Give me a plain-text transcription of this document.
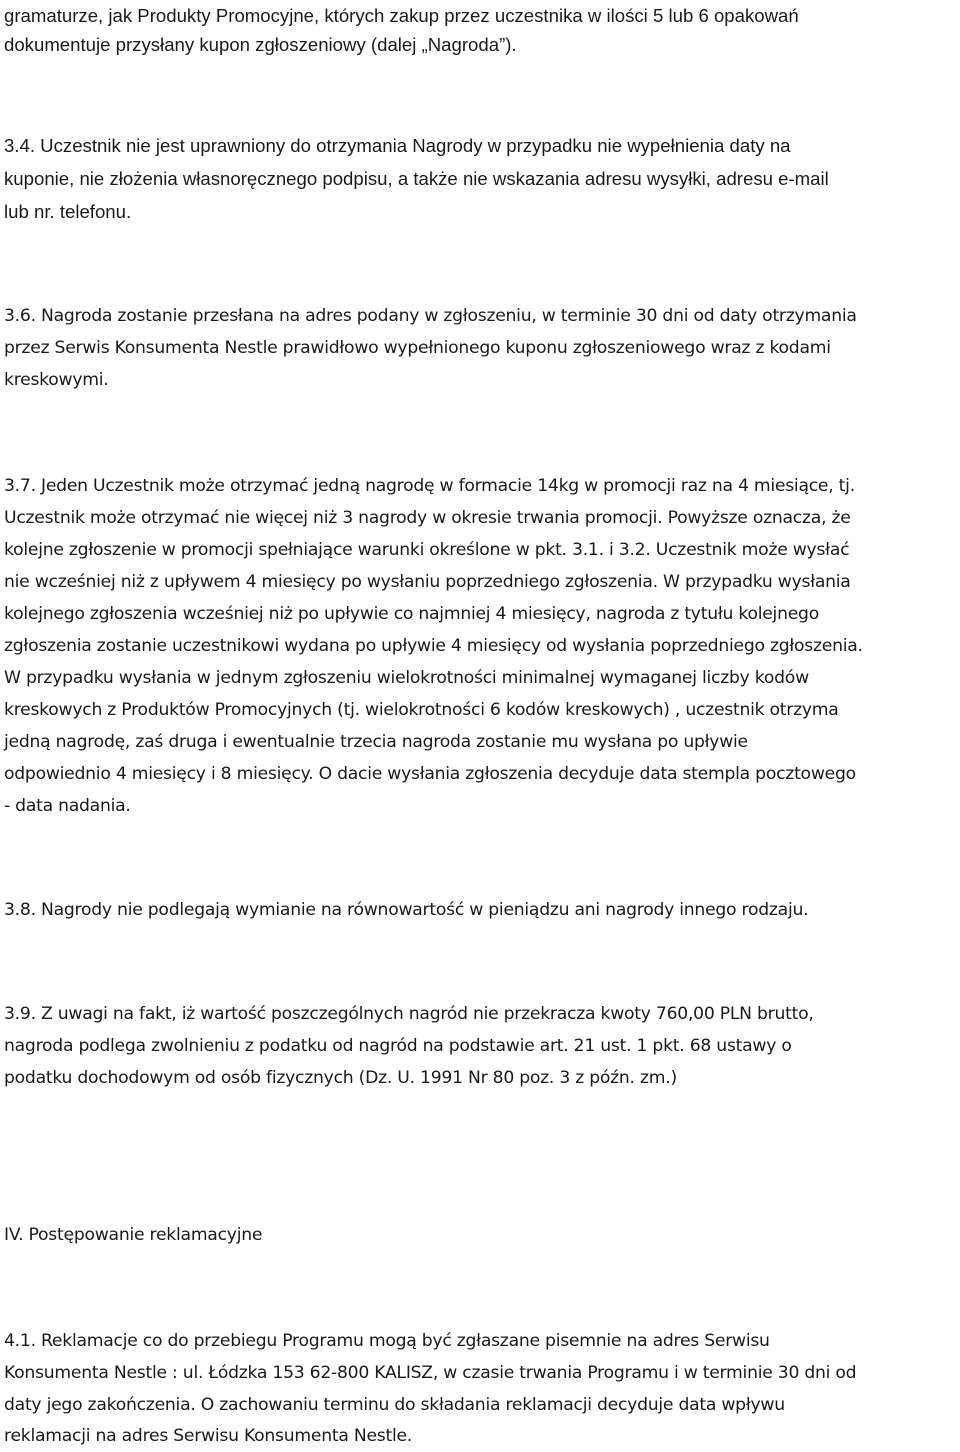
gramaturze, jak Produkty Promocyjne, których zakup przez uczestnika w ilości 5 lub 6 opakowań
dokumentuje przysłany kupon zgłoszeniowy (dalej „Nagroda”).
3.4. Uczestnik nie jest uprawniony do otrzymania Nagrody w przypadku nie wypełnienia daty na
kuponie, nie złożenia własnoręcznego podpisu, a także nie wskazania adresu wysyłki, adresu e-mail
lub nr. telefonu.
3.6. Nagroda zostanie przesłana na adres podany w zgłoszeniu, w terminie 30 dni od daty otrzymania
przez Serwis Konsumenta Nestle prawidłowo wypełnionego kuponu zgłoszeniowego wraz z kodami
kreskowymi.
3.7. Jeden Uczestnik może otrzymać jedną nagrodę w formacie 14kg w promocji raz na 4 miesiące, tj.
Uczestnik może otrzymać nie więcej niż 3 nagrody w okresie trwania promocji. Powyższe oznacza, że
kolejne zgłoszenie w promocji spełniające warunki określone w pkt. 3.1. i 3.2. Uczestnik może wysłać
nie wcześniej niż z upływem 4 miesięcy po wysłaniu poprzedniego zgłoszenia. W przypadku wysłania
kolejnego zgłoszenia wcześniej niż po upływie co najmniej 4 miesięcy, nagroda z tytułu kolejnego
zgłoszenia zostanie uczestnikowi wydana po upływie 4 miesięcy od wysłania poprzedniego zgłoszenia.
W przypadku wysłania w jednym zgłoszeniu wielokrotności minimalnej wymaganej liczby kodów
kreskowych z Produktów Promocyjnych (tj. wielokrotności 6 kodów kreskowych) , uczestnik otrzyma
jedną nagrodę, zaś druga i ewentualnie trzecia nagroda zostanie mu wysłana po upływie
odpowiednio 4 miesięcy i 8 miesięcy. O dacie wysłania zgłoszenia decyduje data stempla pocztowego
- data nadania.
3.8. Nagrody nie podlegają wymianie na równowartość w pieniądzu ani nagrody innego rodzaju.
3.9. Z uwagi na fakt, iż wartość poszczególnych nagród nie przekracza kwoty 760,00 PLN brutto,
nagroda podlega zwolnieniu z podatku od nagród na podstawie art. 21 ust. 1 pkt. 68 ustawy o
podatku dochodowym od osób fizycznych (Dz. U. 1991 Nr 80 poz. 3 z późn. zm.)
IV. Postępowanie reklamacyjne
4.1. Reklamacje co do przebiegu Programu mogą być zgłaszane pisemnie na adres Serwisu
Konsumenta Nestle : ul. Łódzka 153 62-800 KALISZ, w czasie trwania Programu i w terminie 30 dni od
daty jego zakończenia. O zachowaniu terminu do składania reklamacji decyduje data wpływu
reklamacji na adres Serwisu Konsumenta Nestle.
